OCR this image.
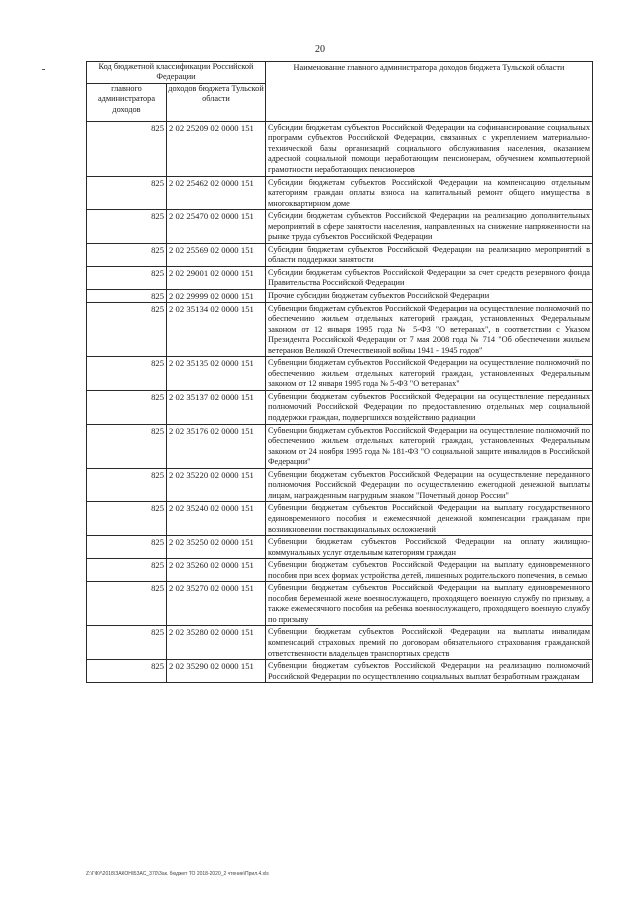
20
Код бюджетной классификации Российской Федерации		Наименование главного администратора доходов бюджета Тульской области
главного администратора доходов	доходов бюджета Тульской области	
825	2 02 25209 02 0000 151	Субсидии бюджетам субъектов Российской Федерации на софинансирование социальных программ субъектов Российской Федерации, связанных с укреплением материально-технической базы организаций социального обслуживания населения, оказанием адресной социальной помощи неработающим пенсионерам, обучением компьютерной грамотности неработающих пенсионеров
825	2 02 25462 02 0000 151	Субсидии бюджетам субъектов Российской Федерации на компенсацию отдельным категориям граждан оплаты взноса на капитальный ремонт общего имущества в многоквартирном доме
825	2 02 25470 02 0000 151	Субсидии бюджетам субъектов Российской Федерации на реализацию дополнительных мероприятий в сфере занятости населения, направленных на снижение напряженности на рынке труда субъектов Российской Федерации
825	2 02 25569 02 0000 151	Субсидии бюджетам субъектов Российской Федерации на реализацию мероприятий в области поддержки занятости
825	2 02 29001 02 0000 151	Субсидии бюджетам субъектов Российской Федерации за счет средств резервного фонда Правительства Российской Федерации
825	2 02 29999 02 0000 151	Прочие субсидии бюджетам субъектов Российской Федерации
825	2 02 35134 02 0000 151	Субвенции бюджетам субъектов Российской Федерации на осуществление полномочий по обеспечению жильем отдельных категорий граждан, установленных Федеральным законом от 12 января 1995 года № 5-ФЗ "О ветеранах", в соответствии с Указом Президента Российской Федерации от 7 мая 2008 года № 714 "Об обеспечении жильем ветеранов Великой Отечественной войны 1941 - 1945 годов"
825	2 02 35135 02 0000 151	Субвенции бюджетам субъектов Российской Федерации на осуществление полномочий по обеспечению жильем отдельных категорий граждан, установленных Федеральным законом от 12 января 1995 года № 5-ФЗ "О ветеранах"
825	2 02 35137 02 0000 151	Субвенции бюджетам субъектов Российской Федерации на осуществление переданных полномочий Российской Федерации по предоставлению отдельных мер социальной поддержки граждан, подвергшихся воздействию радиации
825	2 02 35176 02 0000 151	Субвенции бюджетам субъектов Российской Федерации на осуществление полномочий по обеспечению жильем отдельных категорий граждан, установленных Федеральным законом от 24 ноября 1995 года № 181-ФЗ "О социальной защите инвалидов в Российской Федерации"
825	2 02 35220 02 0000 151	Субвенции бюджетам субъектов Российской Федерации на осуществление переданного полномочия Российской Федерации по осуществлению ежегодной денежной выплаты лицам, награжденным нагрудным знаком "Почетный донор России"
825	2 02 35240 02 0000 151	Субвенции бюджетам субъектов Российской Федерации на выплату государственного единовременного пособия и ежемесячной денежной компенсации гражданам при возникновении поствакцинальных осложнений
825	2 02 35250 02 0000 151	Субвенции бюджетам субъектов Российской Федерации на оплату жилищно-коммунальных услуг отдельным категориям граждан
825	2 02 35260 02 0000 151	Субвенции бюджетам субъектов Российской Федерации на выплату единовременного пособия при всех формах устройства детей, лишенных родительского попечения, в семью
825	2 02 35270 02 0000 151	Субвенции бюджетам субъектов Российской Федерации на выплату единовременного пособия беременной жене военнослужащего, проходящего военную службу по призыву, а также ежемесячного пособия на ребенка военнослужащего, проходящего военную службу по призыву
825	2 02 35280 02 0000 151	Субвенции бюджетам субъектов Российской Федерации на выплаты инвалидам компенсаций страховых премий по договорам обязательного страхования гражданской ответственности владельцев транспортных средств
825	2 02 35290 02 0000 151	Субвенции бюджетам субъектов Российской Федерации на реализацию полномочий Российской Федерации по осуществлению социальных выплат безработным гражданам
Z:\ГФУ\2018\ЗАКОН\БЗАС_370\Зак. бюджет ТО 2018-2020_2 чтение\Прил.4.xls
